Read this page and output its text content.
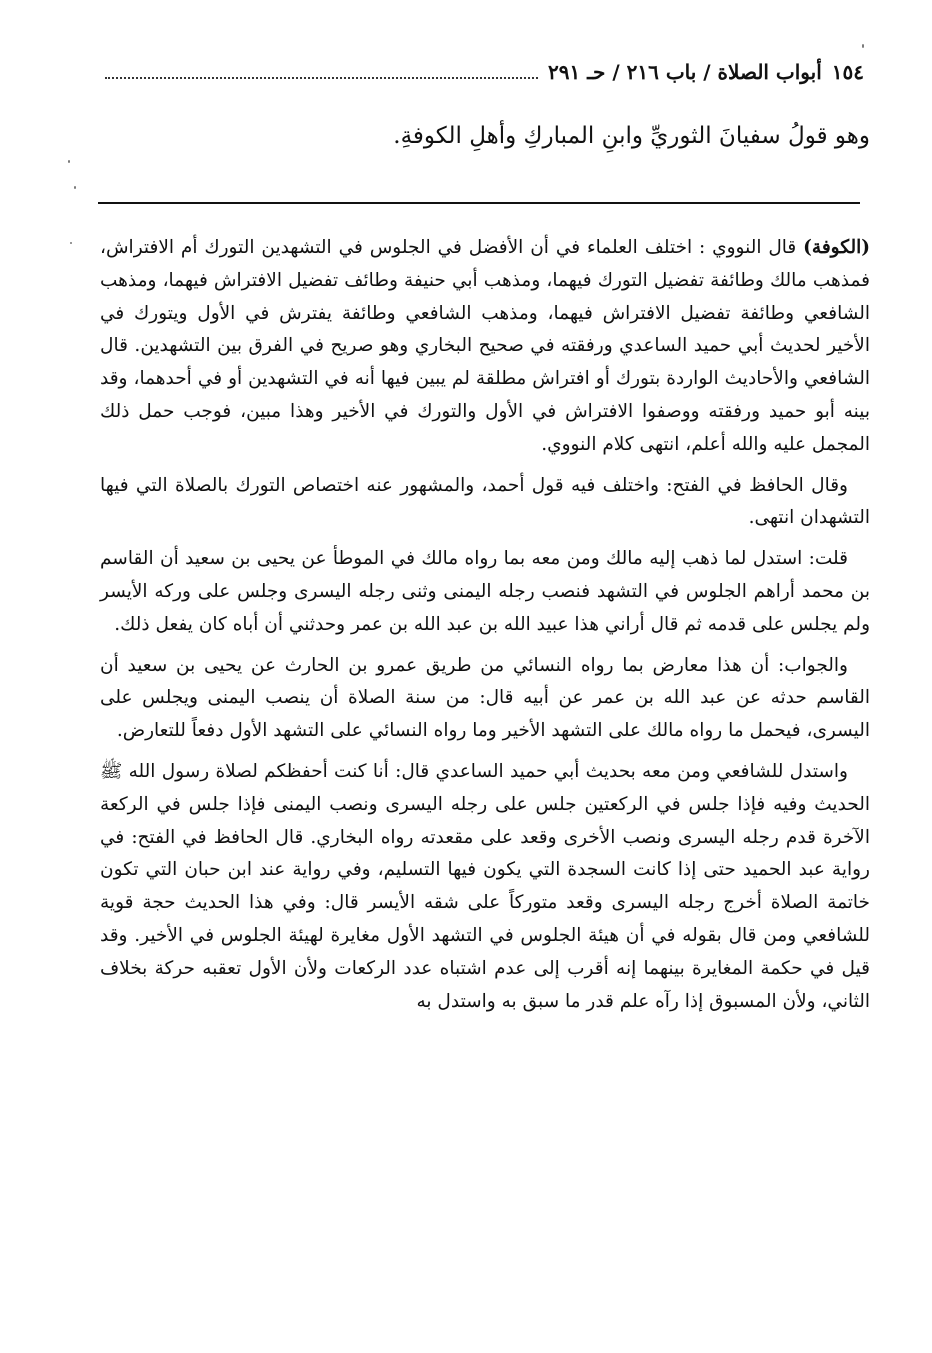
١٥٤
أبواب الصلاة / باب ٢١٦ / حـ ٢٩١
وهو قولُ سفيانَ الثوريِّ وابنِ المباركِ وأهلِ الكوفةِ.

(الكوفة) قال النووي : اختلف العلماء في أن الأفضل في الجلوس في التشهدين التورك أم الافتراش، فمذهب مالك وطائفة تفضيل التورك فيهما، ومذهب أبي حنيفة وطائف تفضيل الافتراش فيهما، ومذهب الشافعي وطائفة تفضيل الافتراش فيهما، ومذهب الشافعي وطائفة يفترش في الأول ويتورك في الأخير لحديث أبي حميد الساعدي ورفقته في صحيح البخاري وهو صريح في الفرق بين التشهدين. قال الشافعي والأحاديث الواردة بتورك أو افتراش مطلقة لم يبين فيها أنه في التشهدين أو في أحدهما، وقد بينه أبو حميد ورفقته ووصفوا الافتراش في الأول والتورك في الأخير وهذا مبين، فوجب حمل ذلك المجمل عليه والله أعلم، انتهى كلام النووي.

وقال الحافظ في الفتح: واختلف فيه قول أحمد، والمشهور عنه اختصاص التورك بالصلاة التي فيها التشهدان انتهى.

قلت: استدل لما ذهب إليه مالك ومن معه بما رواه مالك في الموطأ عن يحيى بن سعيد أن القاسم بن محمد أراهم الجلوس في التشهد فنصب رجله اليمنى وثنى رجله اليسرى وجلس على وركه الأيسر ولم يجلس على قدمه ثم قال أراني هذا عبيد الله بن عبد الله بن عمر وحدثني أن أباه كان يفعل ذلك.

والجواب: أن هذا معارض بما رواه النسائي من طريق عمرو بن الحارث عن يحيى بن سعيد أن القاسم حدثه عن عبد الله بن عمر عن أبيه قال: من سنة الصلاة أن ينصب اليمنى ويجلس على اليسرى، فيحمل ما رواه مالك على التشهد الأخير وما رواه النسائي على التشهد الأول دفعاً للتعارض.

واستدل للشافعي ومن معه بحديث أبي حميد الساعدي قال: أنا كنت أحفظكم لصلاة رسول الله ﷺ الحديث وفيه فإذا جلس في الركعتين جلس على رجله اليسرى ونصب اليمنى فإذا جلس في الركعة الآخرة قدم رجله اليسرى ونصب الأخرى وقعد على مقعدته رواه البخاري. قال الحافظ في الفتح: في رواية عبد الحميد حتى إذا كانت السجدة التي يكون فيها التسليم، وفي رواية عند ابن حبان التي تكون خاتمة الصلاة أخرج رجله اليسرى وقعد متوركاً على شقه الأيسر قال: وفي هذا الحديث حجة قوية للشافعي ومن قال بقوله في أن هيئة الجلوس في التشهد الأول مغايرة لهيئة الجلوس في الأخير. وقد قيل في حكمة المغايرة بينهما إنه أقرب إلى عدم اشتباه عدد الركعات ولأن الأول تعقبه حركة بخلاف الثاني، ولأن المسبوق إذا رآه علم قدر ما سبق به واستدل به
